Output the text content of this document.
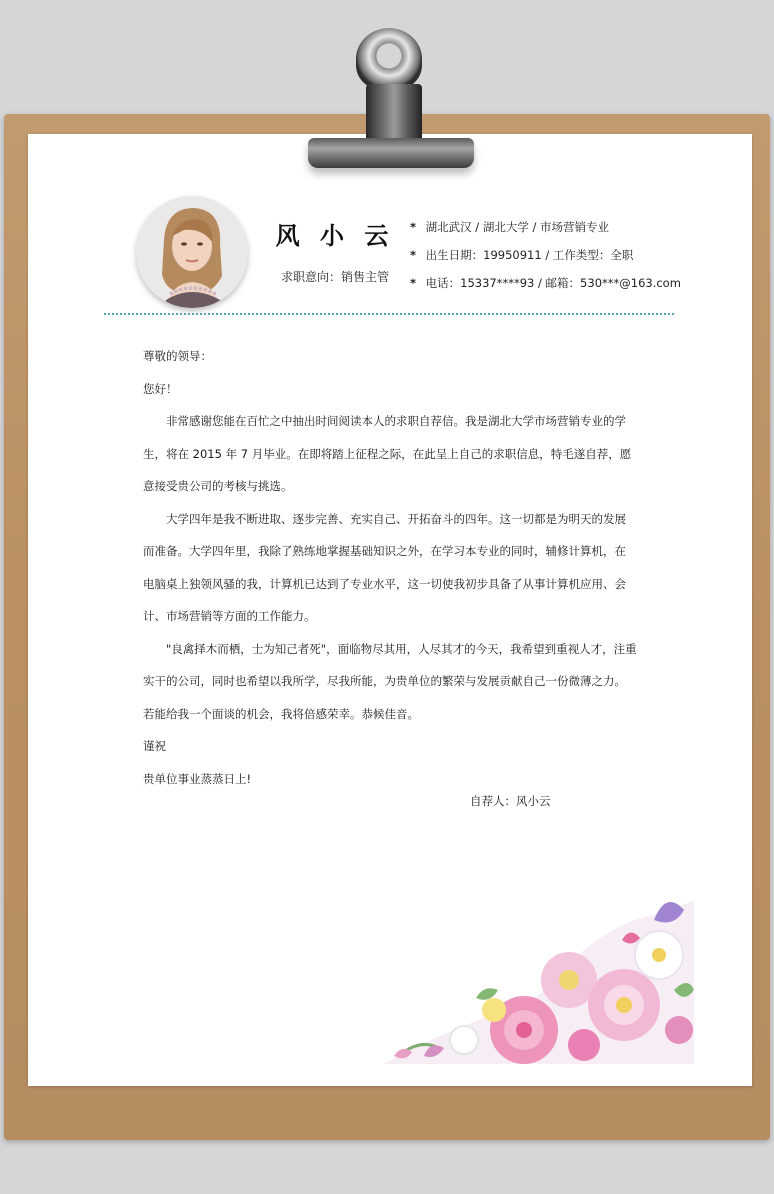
风 小 云
求职意向：销售主管
* 湖北武汉 / 湖北大学 / 市场营销专业
* 出生日期：19950911 / 工作类型：全职
* 电话：15337****93 / 邮箱：530***@163.com

尊敬的领导：

您好！

非常感谢您能在百忙之中抽出时间阅读本人的求职自荐信。我是湖北大学市场营销专业的学生，将在 2015 年 7 月毕业。在即将踏上征程之际，在此呈上自己的求职信息，特毛遂自荐，愿意接受贵公司的考核与挑选。

大学四年是我不断进取、逐步完善、充实自己、开拓奋斗的四年。这一切都是为明天的发展而准备。大学四年里，我除了熟练地掌握基础知识之外，在学习本专业的同时，辅修计算机，在电脑桌上独领风骚的我，计算机已达到了专业水平，这一切使我初步具备了从事计算机应用、会计、市场营销等方面的工作能力。

"良禽择木而栖，士为知己者死"，面临物尽其用，人尽其才的今天，我希望到重视人才，注重实干的公司，同时也希望以我所学，尽我所能，为贵单位的繁荣与发展贡献自己一份微薄之力。若能给我一个面谈的机会，我将倍感荣幸。恭候佳音。

谨祝

贵单位事业蒸蒸日上!

自荐人：风小云
